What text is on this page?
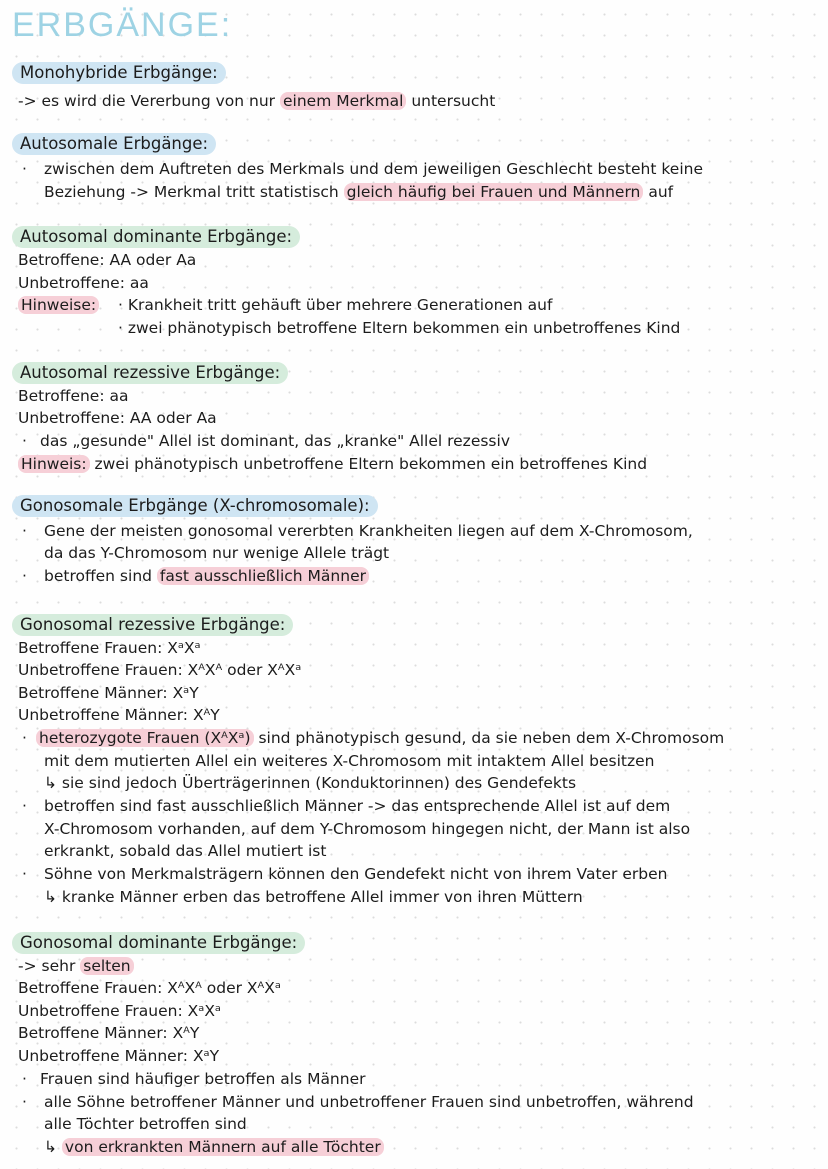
ERBGÄNGE:
Monohybride Erbgänge:
-> es wird die Vererbung von nur einem Merkmal untersucht
Autosomale Erbgänge:
· zwischen dem Auftreten des Merkmals und dem jeweiligen Geschlecht besteht keine
Beziehung -> Merkmal tritt statistisch gleich häufig bei Frauen und Männern auf
Autosomal dominante Erbgänge:
Betroffene: AA oder Aa
Unbetroffene: aa
Hinweise: · Krankheit tritt gehäuft über mehrere Generationen auf
· zwei phänotypisch betroffene Eltern bekommen ein unbetroffenes Kind
Autosomal rezessive Erbgänge:
Betroffene: aa
Unbetroffene: AA oder Aa
· das „gesunde" Allel ist dominant, das „kranke" Allel rezessiv
Hinweis: zwei phänotypisch unbetroffene Eltern bekommen ein betroffenes Kind
Gonosomale Erbgänge (X-chromosomale):
· Gene der meisten gonosomal vererbten Krankheiten liegen auf dem X-Chromosom,
da das Y-Chromosom nur wenige Allele trägt
· betroffen sind fast ausschließlich Männer
Gonosomal rezessive Erbgänge:
Betroffene Frauen: XᵃXᵃ
Unbetroffene Frauen: XᴬXᴬ oder XᴬXᵃ
Betroffene Männer: XᵃY
Unbetroffene Männer: XᴬY
· heterozygote Frauen (XᴬXᵃ) sind phänotypisch gesund, da sie neben dem X-Chromosom
mit dem mutierten Allel ein weiteres X-Chromosom mit intaktem Allel besitzen
↳ sie sind jedoch Überträgerinnen (Konduktorinnen) des Gendefekts
· betroffen sind fast ausschließlich Männer -> das entsprechende Allel ist auf dem
X-Chromosom vorhanden, auf dem Y-Chromosom hingegen nicht, der Mann ist also
erkrankt, sobald das Allel mutiert ist
· Söhne von Merkmalsträgern können den Gendefekt nicht von ihrem Vater erben
↳ kranke Männer erben das betroffene Allel immer von ihren Müttern
Gonosomal dominante Erbgänge:
-> sehr selten
Betroffene Frauen: XᴬXᴬ oder XᴬXᵃ
Unbetroffene Frauen: XᵃXᵃ
Betroffene Männer: XᴬY
Unbetroffene Männer: XᵃY
· Frauen sind häufiger betroffen als Männer
· alle Söhne betroffener Männer und unbetroffener Frauen sind unbetroffen, während
alle Töchter betroffen sind
↳ von erkrankten Männern auf alle Töchter
